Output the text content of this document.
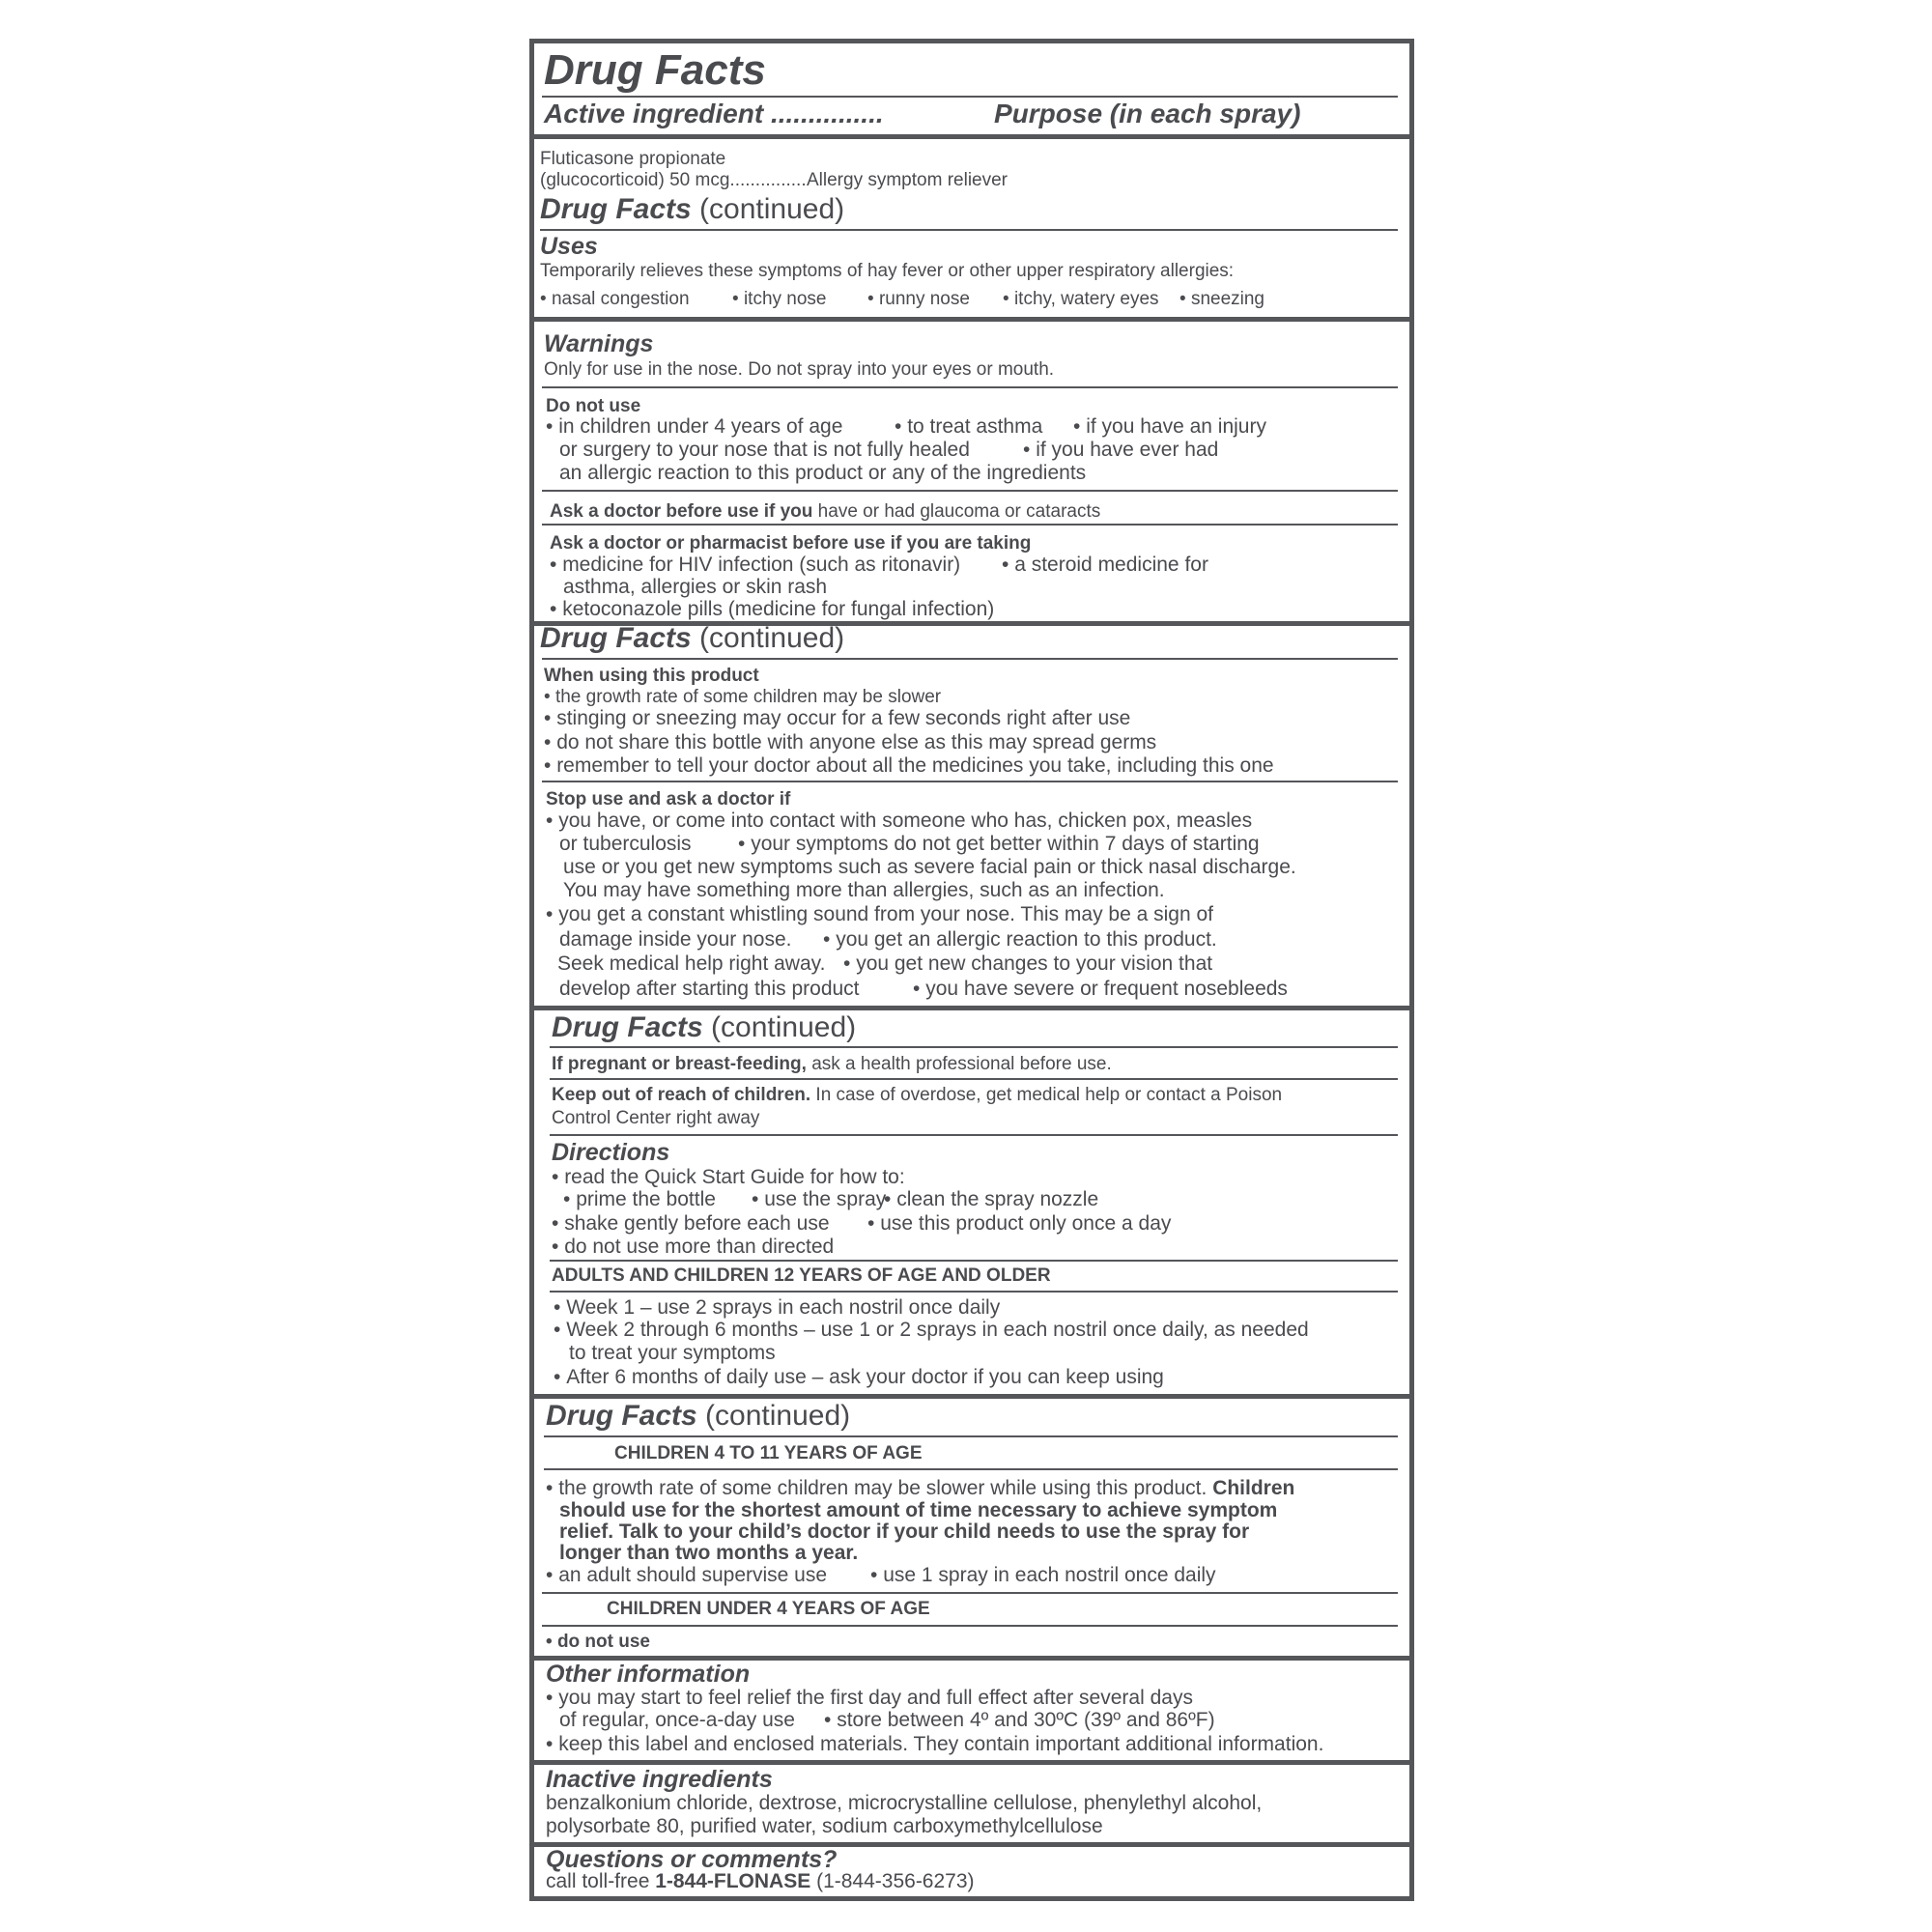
Drug Facts
Active ingredient ...............	Purpose (in each spray)
Fluticasone propionate
(glucocorticoid) 50 mcg............... Allergy symptom reliever
Drug Facts (continued)
Uses
Temporarily relieves these symptoms of hay fever or other upper respiratory allergies:
• nasal congestion	• itchy nose	• runny nose	• itchy, watery eyes	• sneezing
Warnings
Only for use in the nose. Do not spray into your eyes or mouth.
Do not use
• in children under 4 years of age	• to treat asthma	• if you have an injury
or surgery to your nose that is not fully healed	• if you have ever had
an allergic reaction to this product or any of the ingredients
Ask a doctor before use if you have or had glaucoma or cataracts
Ask a doctor or pharmacist before use if you are taking
• medicine for HIV infection (such as ritonavir)	• a steroid medicine for
asthma, allergies or skin rash
• ketoconazole pills (medicine for fungal infection)
Drug Facts (continued)
When using this product
• the growth rate of some children may be slower
• stinging or sneezing may occur for a few seconds right after use
• do not share this bottle with anyone else as this may spread germs
• remember to tell your doctor about all the medicines you take, including this one
Stop use and ask a doctor if
• you have, or come into contact with someone who has, chicken pox, measles
or tuberculosis	• your symptoms do not get better within 7 days of starting
use or you get new symptoms such as severe facial pain or thick nasal discharge.
You may have something more than allergies, such as an infection.
• you get a constant whistling sound from your nose. This may be a sign of
damage inside your nose.	• you get an allergic reaction to this product.
Seek medical help right away.	• you get new changes to your vision that
develop after starting this product	• you have severe or frequent nosebleeds
Drug Facts (continued)
If pregnant or breast-feeding, ask a health professional before use.
Keep out of reach of children. In case of overdose, get medical help or contact a Poison
Control Center right away
Directions
• read the Quick Start Guide for how to:
• prime the bottle	• use the spray • clean the spray nozzle
• shake gently before each use	• use this product only once a day
• do not use more than directed
ADULTS AND CHILDREN 12 YEARS OF AGE AND OLDER
• Week 1 – use 2 sprays in each nostril once daily
• Week 2 through 6 months – use 1 or 2 sprays in each nostril once daily, as needed
to treat your symptoms
• After 6 months of daily use – ask your doctor if you can keep using
Drug Facts (continued)
CHILDREN 4 TO 11 YEARS OF AGE
• the growth rate of some children may be slower while using this product. Children
should use for the shortest amount of time necessary to achieve symptom
relief. Talk to your child’s doctor if your child needs to use the spray for
longer than two months a year.
• an adult should supervise use	• use 1 spray in each nostril once daily
CHILDREN UNDER 4 YEARS OF AGE
• do not use
Other information
• you may start to feel relief the first day and full effect after several days
of regular, once-a-day use	• store between 4º and 30ºC (39º and 86ºF)
• keep this label and enclosed materials. They contain important additional information.
Inactive ingredients
benzalkonium chloride, dextrose, microcrystalline cellulose, phenylethyl alcohol,
polysorbate 80, purified water, sodium carboxymethylcellulose
Questions or comments?
call toll-free 1-844-FLONASE (1-844-356-6273)
